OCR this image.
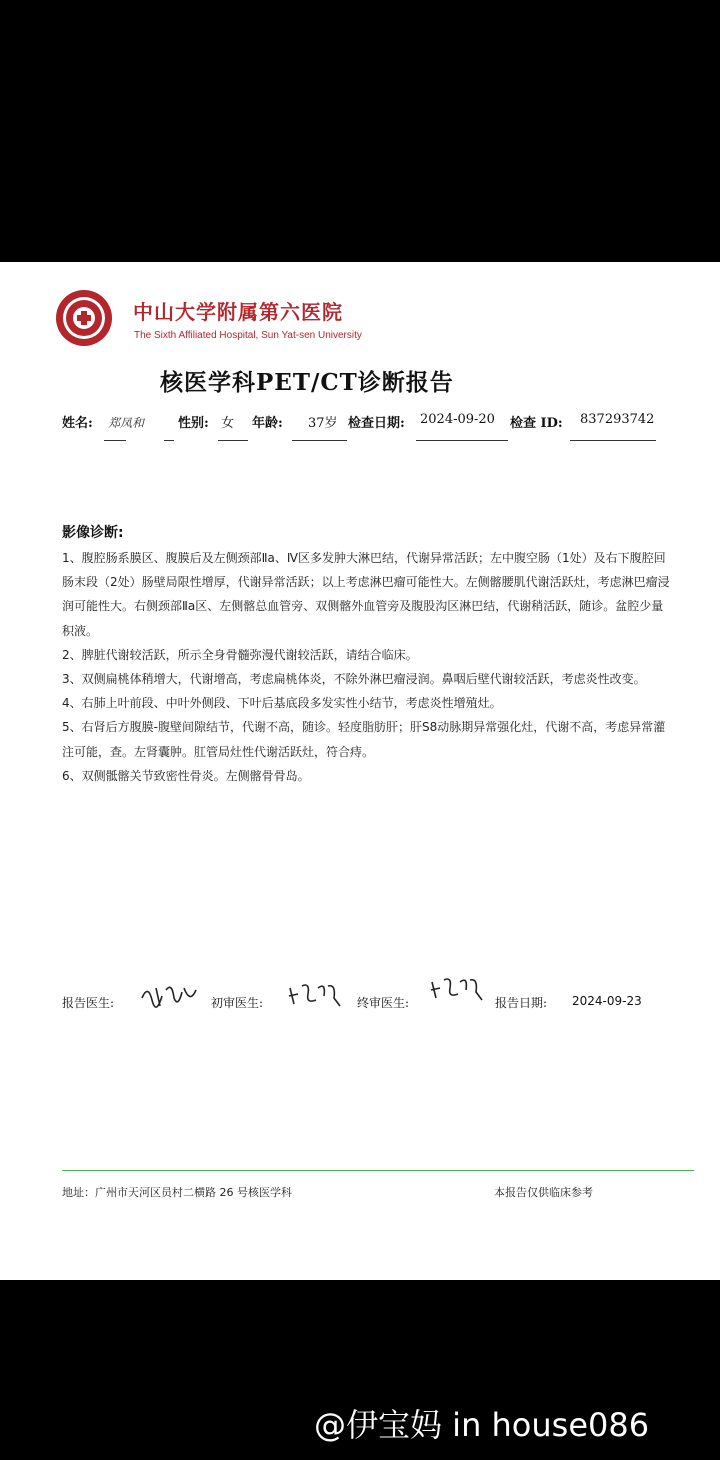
中山大学附属第六医院
The Sixth Affiliated Hospital, Sun Yat-sen University
核医学科PET/CT诊断报告
姓名: 郑凤和	性别: 女 年龄: 37岁 检查日期: 2024-09-20 检查 ID: 837293742
影像诊断:

1、腹腔肠系膜区、腹膜后及左侧颈部Ⅱa、Ⅳ区多发肿大淋巴结，代谢异常活跃；左中腹空肠（1处）及右下腹腔回肠末段（2处）肠壁局限性增厚，代谢异常活跃；以上考虑淋巴瘤可能性大。左侧髂腰肌代谢活跃灶，考虑淋巴瘤浸润可能性大。右侧颈部Ⅱa区、左侧髂总血管旁、双侧髂外血管旁及腹股沟区淋巴结，代谢稍活跃，随诊。盆腔少量积液。

2、脾脏代谢较活跃，所示全身骨髓弥漫代谢较活跃，请结合临床。

3、双侧扁桃体稍增大，代谢增高，考虑扁桃体炎，不除外淋巴瘤浸润。鼻咽后壁代谢较活跃，考虑炎性改变。

4、右肺上叶前段、中叶外侧段、下叶后基底段多发实性小结节，考虑炎性增殖灶。

5、右肾后方腹膜-腹壁间隙结节，代谢不高，随诊。轻度脂肪肝；肝S8动脉期异常强化灶，代谢不高，考虑异常灌注可能，查。左肾囊肿。肛管局灶性代谢活跃灶，符合痔。

6、双侧骶髂关节致密性骨炎。左侧髂骨骨岛。

报告医生:	初审医生:	终审医生:	报告日期: 2024-09-23
地址：广州市天河区员村二横路 26 号核医学科	本报告仅供临床参考
@伊宝妈 in house086
